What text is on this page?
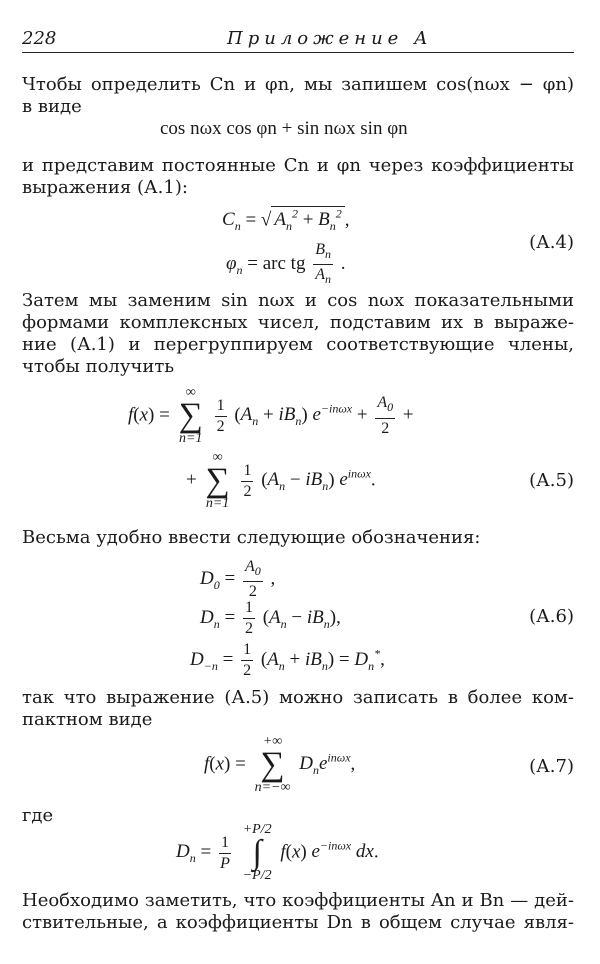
228	Приложение А
Чтобы определить Cn и φn, мы запишем cos(nωx − φn)
в виде
cos nωx cos φn + sin nωx sin φn
и представим постоянные Cn и φn через коэффициенты
выражения (А.1):
$C_n$ = √ $A_n^2 + B_n^2$ ,
$\varphi_n$ = arc tg $\frac{B_n}{A_n}$ .
(А.4)
Затем мы заменим sin nωx и cos nωx показательными
формами комплексных чисел, подставим их в выраже-
ние (А.1) и перегруппируем соответствующие члены,
чтобы получить
f(x) =
∞
∑
n=1

$\frac{1}{2} (A_n + iB_n) e^{-in\omega x} + \frac{A_0}{2}$ +
+
∞
∑
n=1

$\frac{1}{2} (A_n - iB_n)$ $e^{in\omega x}$.	(А.5)
Весьма удобно ввести следующие обозначения:
$D_0 = \frac{A_0}{2}$ ,
$D_n = \frac{1}{2} (A_n - iB_n)$,	(А.6)
$D_{-n} = \frac{1}{2} (A_n + iB_n) = D_n^*$,
так что выражение (А.5) можно записать в более ком-
пактном виде
f(x) =
+∞
∑
n=−∞
$D_ne^{in\omega x}$,	(А.7)
где
$D_n = \frac{1}{P}$

+P/2
∫
−P/2
f(x) $e^{-in\omega x}$ dx.
Необходимо заметить, что коэффициенты An и Bn — дей-
ствительные, а коэффициенты Dn в общем случае явля-
